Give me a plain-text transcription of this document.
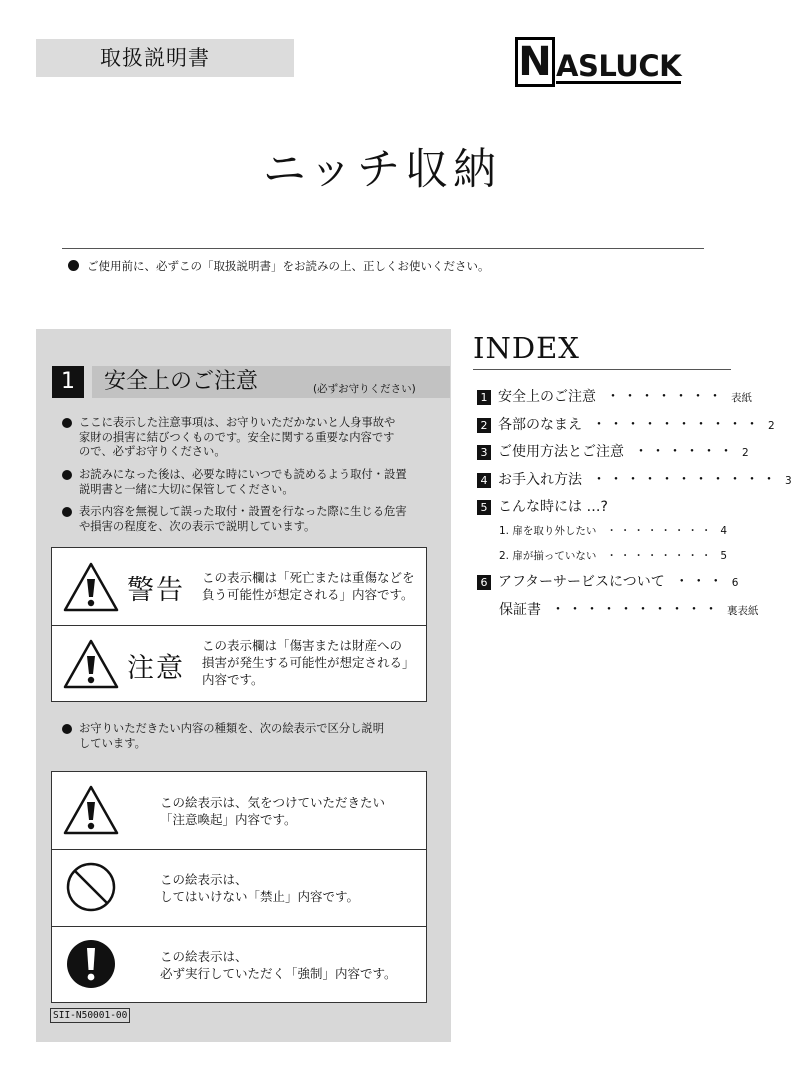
取扱説明書	N ASLUCK
ニッチ収納
ご使用前に、必ずこの「取扱説明書」をお読みの上、正しくお使いください。
1	安全上のご注意	(必ずお守りください)
ここに表示した注意事項は、お守りいただかないと人身事故や
家財の損害に結びつくものです。安全に関する重要な内容です
ので、必ずお守りください。
お読みになった後は、必要な時にいつでも読めるよう取付・設置
説明書と一緒に大切に保管してください。
表示内容を無視して誤った取付・設置を行なった際に生じる危害
や損害の程度を、次の表示で説明しています。
警告 この表示欄は「死亡または重傷などを
負う可能性が想定される」内容です。
注意
この表示欄は「傷害または財産への
損害が発生する可能性が想定される」
内容です。
お守りいただきたい内容の種類を、次の絵表示で区分し説明
しています。
この絵表示は、気をつけていただきたい
「注意喚起」内容です。
この絵表示は、
してはいけない「禁止」内容です。
この絵表示は、
必ず実行していただく「強制」内容です。
SII-N50001-00
INDEX
1 安全上のご注意 ・・・・・・・ 表紙
2 各部のなまえ ・・・・・・・・・・ 2
3 ご使用方法とご注意 ・・・・・・ 2
4 お手入れ方法 ・・・・・・・・・・・ 3
5 こんな時には …?
1. 扉を取り外したい ・・・・・・・・ 4
2. 扉が揃っていない ・・・・・・・・ 5
6 アフターサービスについて ・・・ 6
保証書 ・・・・・・・・・・ 裏表紙
